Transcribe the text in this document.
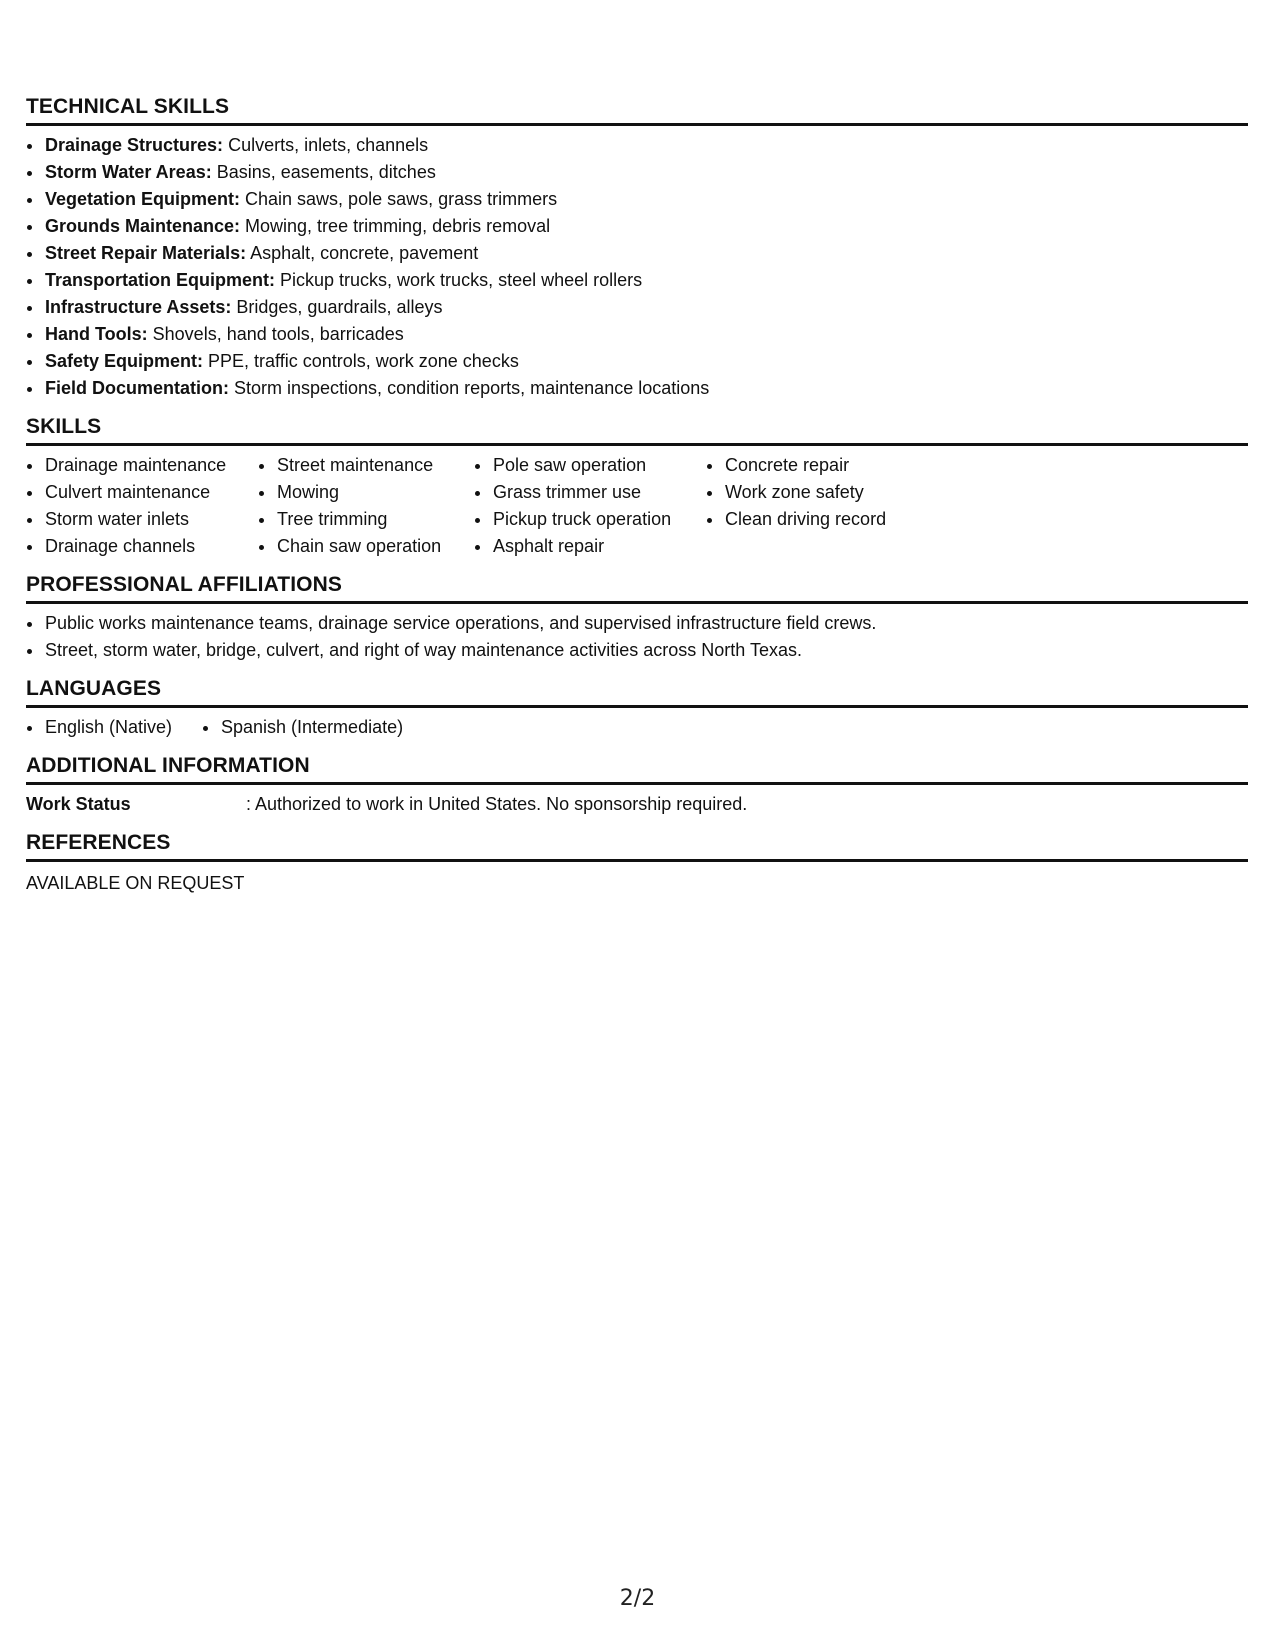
TECHNICAL SKILLS
• Drainage Structures: Culverts, inlets, channels
• Storm Water Areas: Basins, easements, ditches
• Vegetation Equipment: Chain saws, pole saws, grass trimmers
• Grounds Maintenance: Mowing, tree trimming, debris removal
• Street Repair Materials: Asphalt, concrete, pavement
• Transportation Equipment: Pickup trucks, work trucks, steel wheel rollers
• Infrastructure Assets: Bridges, guardrails, alleys
• Hand Tools: Shovels, hand tools, barricades
• Safety Equipment: PPE, traffic controls, work zone checks
• Field Documentation: Storm inspections, condition reports, maintenance locations
SKILLS
• Drainage maintenance
• Culvert maintenance
• Storm water inlets
• Drainage channels
• Street maintenance
• Mowing
• Tree trimming
• Chain saw operation
• Pole saw operation
• Grass trimmer use
• Pickup truck operation
• Asphalt repair
• Concrete repair
• Work zone safety
• Clean driving record
PROFESSIONAL AFFILIATIONS
• Public works maintenance teams, drainage service operations, and supervised infrastructure field crews.
• Street, storm water, bridge, culvert, and right of way maintenance activities across North Texas.
LANGUAGES
• English (Native)
•	Spanish (Intermediate)
ADDITIONAL INFORMATION
Work Status	: Authorized to work in United States. No sponsorship required.
REFERENCES
AVAILABLE ON REQUEST
2/2
